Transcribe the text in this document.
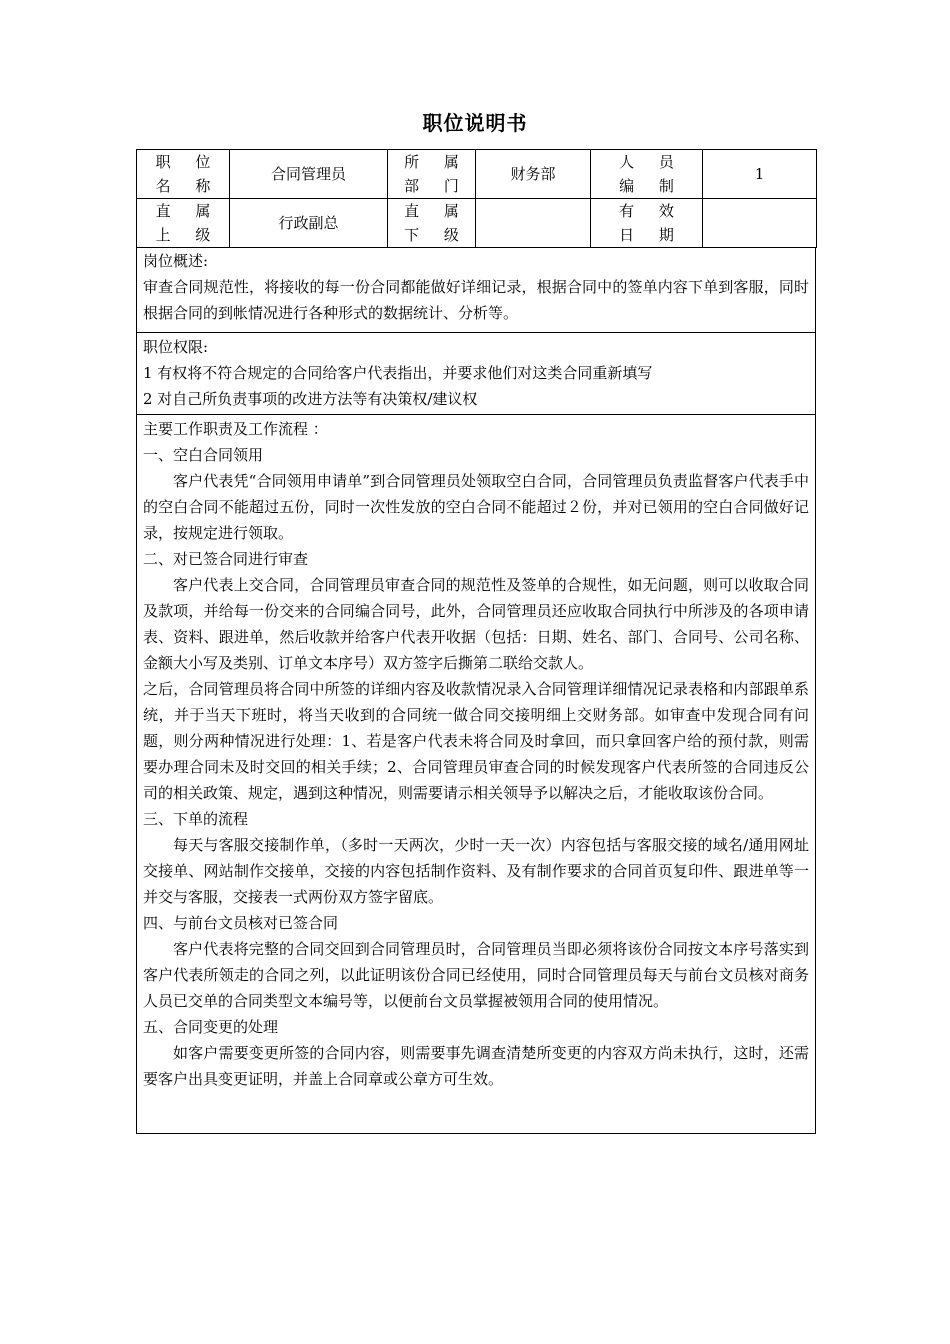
职位说明书
职 位 名 称	合同管理员	所 属 部 门	财务部	人 员 编 制	1
直 属 上 级	行政副总	直 属 下 级		有 效 日 期	

岗位概述:

审查合同规范性，将接收的每一份合同都能做好详细记录，根据合同中的签单内容下单到客服，同时根据合同的到帐情况进行各种形式的数据统计、分析等。

职位权限:

1 有权将不符合规定的合同给客户代表指出，并要求他们对这类合同重新填写

2 对自己所负责事项的改进方法等有决策权/建议权

主要工作职责及工作流程 ：

一、空白合同领用

客户代表凭“合同领用申请单”到合同管理员处领取空白合同，合同管理员负责监督客户代表手中的空白合同不能超过五份，同时一次性发放的空白合同不能超过２份，并对已领用的空白合同做好记录，按规定进行领取。

二、对已签合同进行审查

客户代表上交合同，合同管理员审查合同的规范性及签单的合规性，如无问题，则可以收取合同及款项，并给每一份交来的合同编合同号，此外，合同管理员还应收取合同执行中所涉及的各项申请表、资料、跟进单，然后收款并给客户代表开收据（包括：日期、姓名、部门、合同号、公司名称、金额大小写及类别、订单文本序号）双方签字后撕第二联给交款人。

之后，合同管理员将合同中所签的详细内容及收款情况录入合同管理详细情况记录表格和内部跟单系统，并于当天下班时，将当天收到的合同统一做合同交接明细上交财务部。如审查中发现合同有问题，则分两种情况进行处理：1、若是客户代表未将合同及时拿回，而只拿回客户给的预付款，则需要办理合同未及时交回的相关手续；2、合同管理员审查合同的时候发现客户代表所签的合同违反公司的相关政策、规定，遇到这种情况，则需要请示相关领导予以解决之后，才能收取该份合同。

三、下单的流程

每天与客服交接制作单，（多时一天两次，少时一天一次）内容包括与客服交接的域名/通用网址交接单、网站制作交接单，交接的内容包括制作资料、及有制作要求的合同首页复印件、跟进单等一并交与客服，交接表一式两份双方签字留底。

四、与前台文员核对已签合同

客户代表将完整的合同交回到合同管理员时，合同管理员当即必须将该份合同按文本序号落实到客户代表所领走的合同之列，以此证明该份合同已经使用，同时合同管理员每天与前台文员核对商务人员已交单的合同类型文本编号等，以便前台文员掌握被领用合同的使用情况。

五、合同变更的处理

如客户需要变更所签的合同内容，则需要事先调查清楚所变更的内容双方尚未执行，这时，还需要客户出具变更证明，并盖上合同章或公章方可生效。
